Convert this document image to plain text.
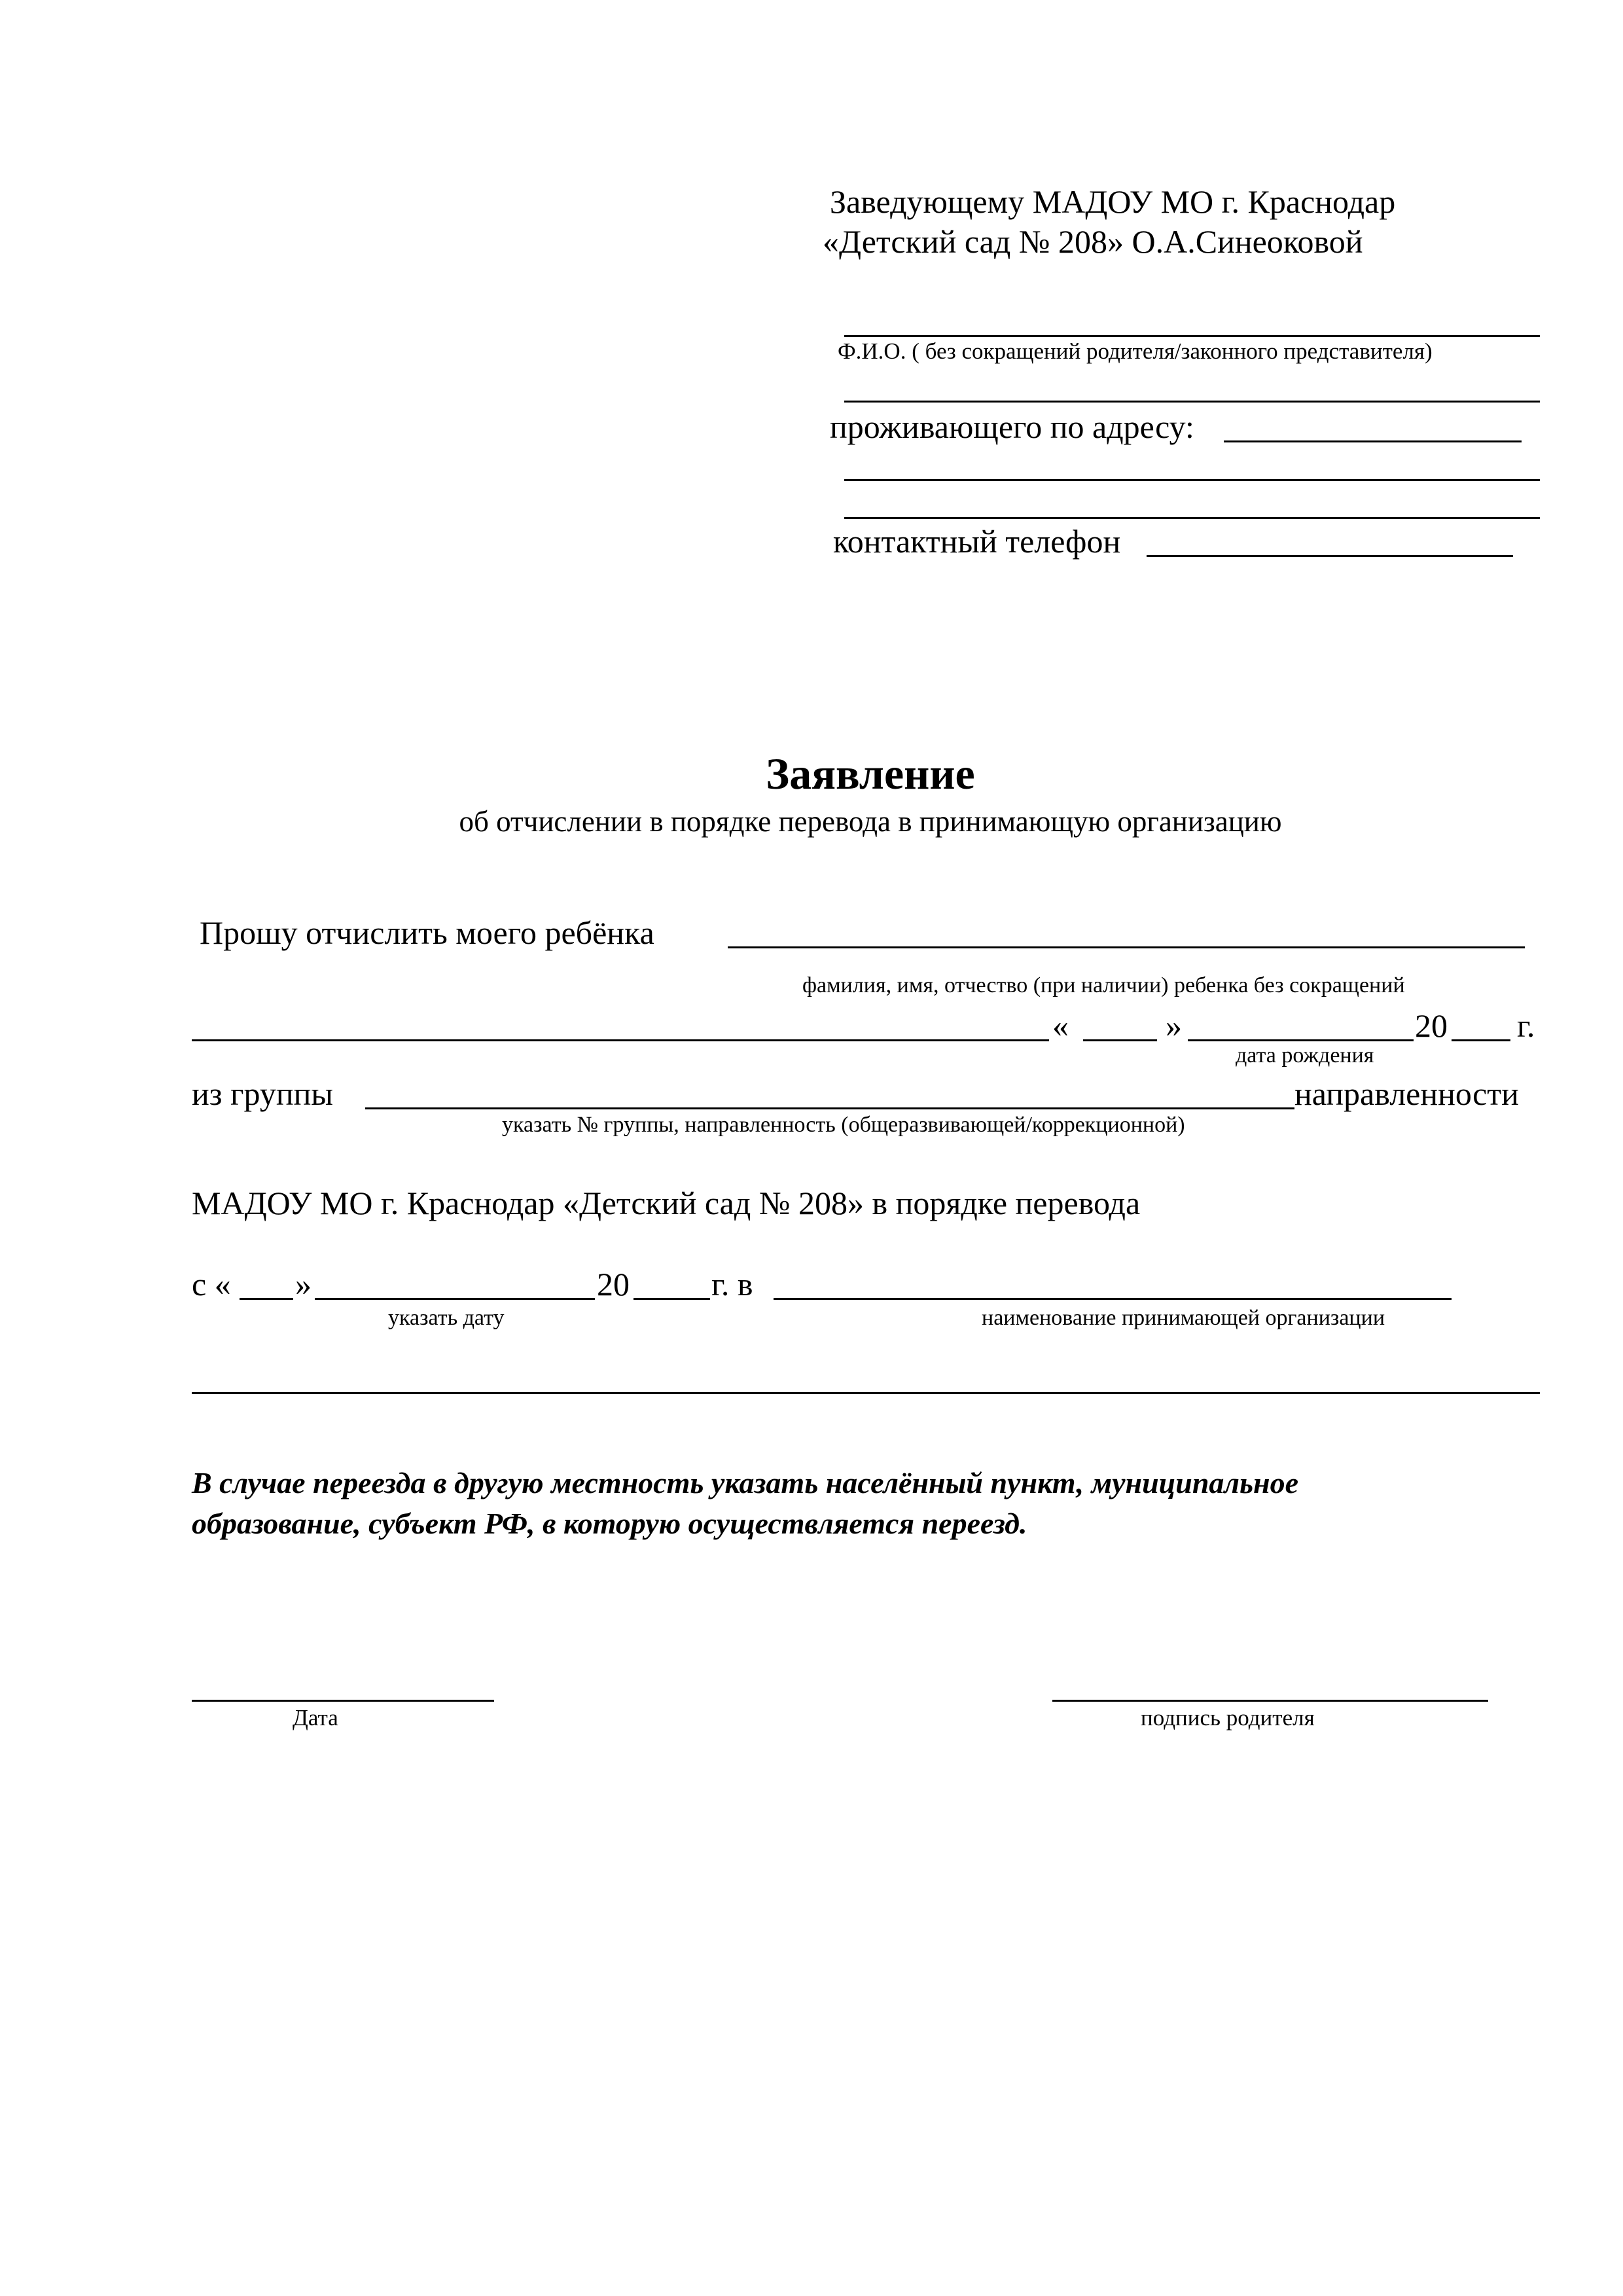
Заведующему МАДОУ МО г. Краснодар
«Детский сад № 208» О.А.Синеоковой
Ф.И.О. ( без сокращений родителя/законного представителя)
проживающего по адресу:
контактный телефон
Заявление
об отчислении в порядке перевода в принимающую организацию
Прошу отчислить моего ребёнка
фамилия, имя, отчество (при наличии) ребенка без сокращений
«	»	20 г.
дата рождения
из группы	направленности
указать № группы, направленность (общеразвивающей/коррекционной)
МАДОУ МО г. Краснодар «Детский сад № 208» в порядке перевода
с « »	20	г. в
указать дату	наименование принимающей организации
В случае переезда в другую местность указать населённый пункт, муниципальное
образование, субъект РФ, в которую осуществляется переезд.
Дата	подпись родителя
